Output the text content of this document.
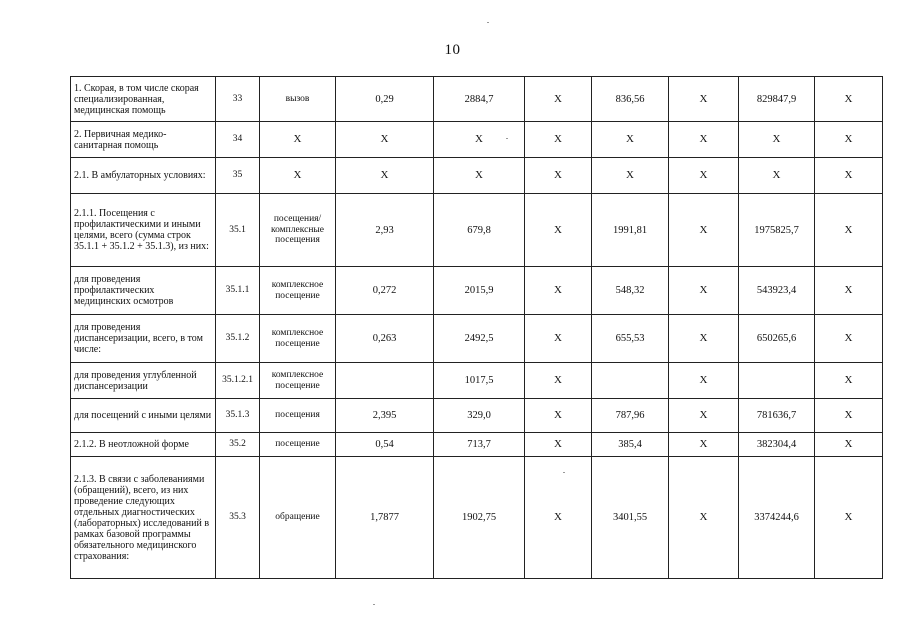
10
1. Скорая, в том числе скорая специализированная, медицинская помощь	33	вызов	0,29	2884,7	X	836,56	X	829847,9	X
2. Первичная медико-санитарная помощь	34	X	X	X	X	X	X	X	X
2.1. В амбулаторных условиях:	35	X	X	X	X	X	X	X	X
2.1.1. Посещения с профилактическими и иными целями, всего (сумма строк 35.1.1 + 35.1.2 + 35.1.3), из них:	35.1	посещения/ комплексные посещения	2,93	679,8	X	1991,81	X	1975825,7	X
для проведения профилактических медицинских осмотров	35.1.1	комплексное посещение	0,272	2015,9	X	548,32	X	543923,4	X
для проведения диспансеризации, всего, в том числе:	35.1.2	комплексное посещение	0,263	2492,5	X	655,53	X	650265,6	X
для проведения углубленной диспансеризации	35.1.2.1	комплексное посещение		1017,5	X		X		X
для посещений с иными целями	35.1.3	посещения	2,395	329,0	X	787,96	X	781636,7	X
2.1.2. В неотложной форме	35.2	посещение	0,54	713,7	X	385,4	X	382304,4	X
2.1.3. В связи с заболеваниями (обращений), всего, из них проведение следующих отдельных диагностических (лабораторных) исследований в рамках базовой программы обязательного медицинского страхования:	35.3	обращение	1,7877	1902,75	X	3401,55	X	3374244,6	X
